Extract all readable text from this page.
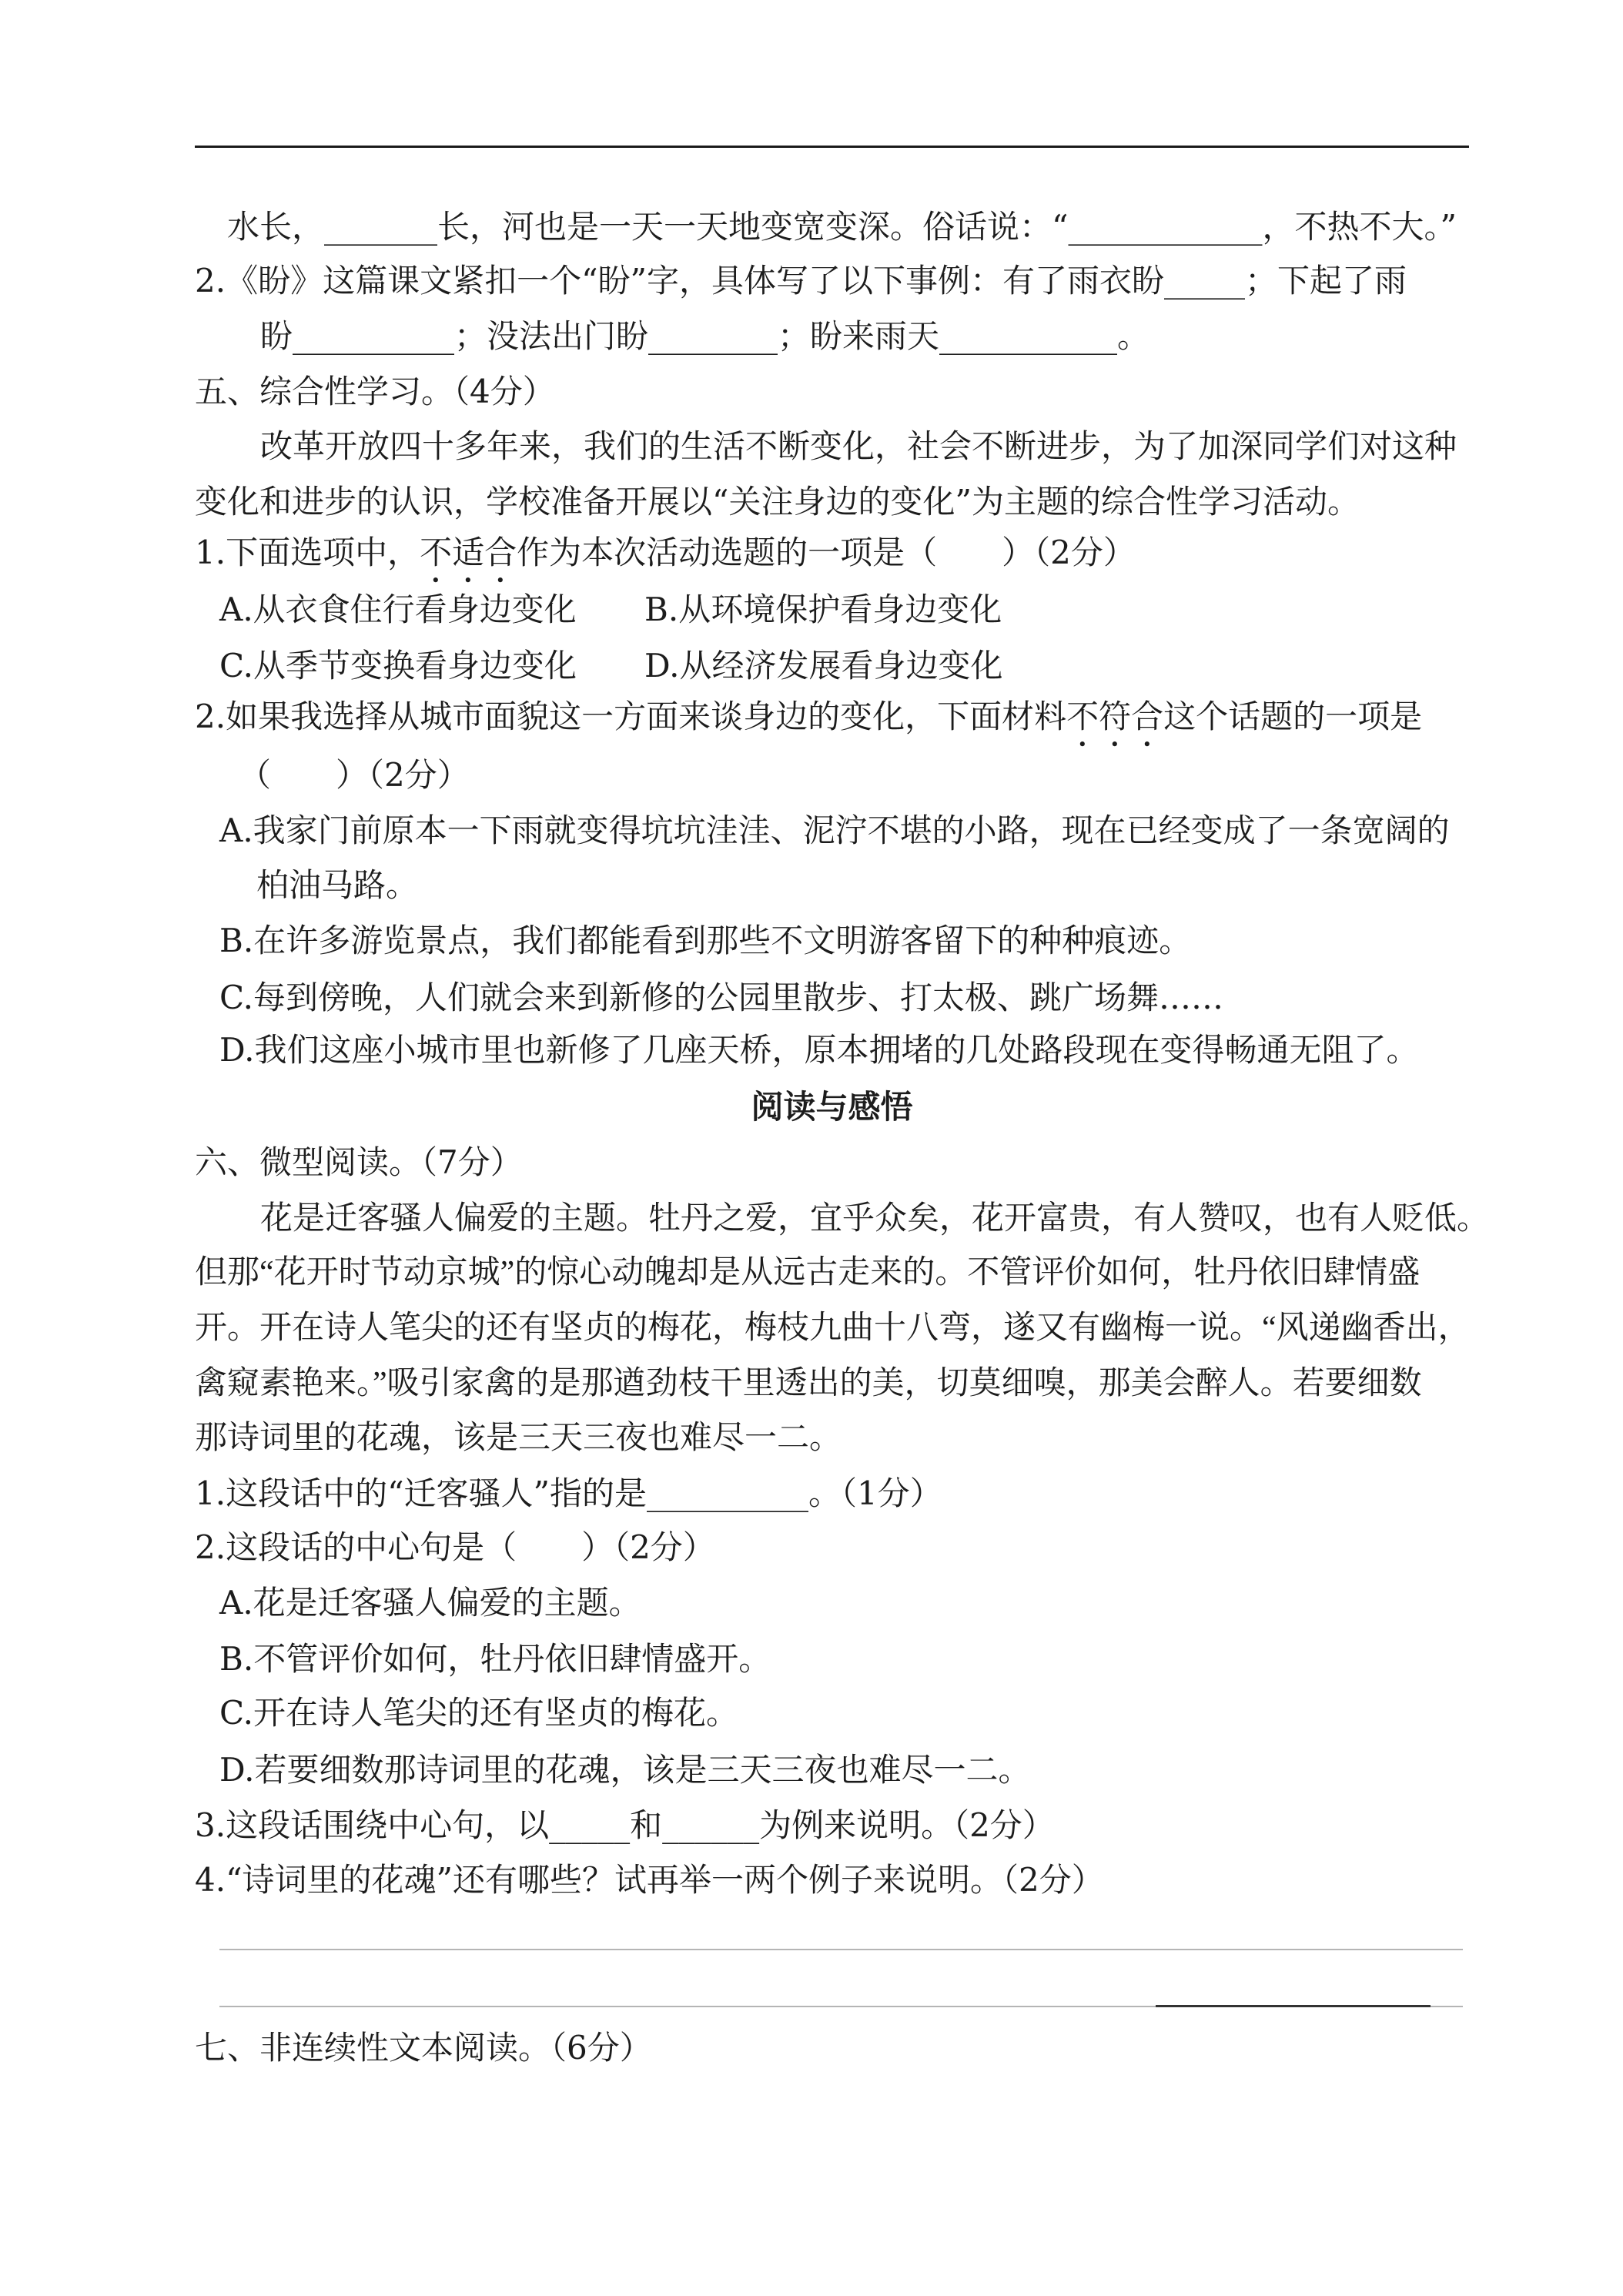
水长，_______长，河也是一天一天地变宽变深。俗话说：“____________，不热不大。”
2.《盼》这篇课文紧扣一个“盼”字，具体写了以下事例：有了雨衣盼_____；下起了雨
盼__________；没法出门盼________；盼来雨天___________。
五、综合性学习。（4分）
改革开放四十多年来，我们的生活不断变化，社会不断进步，为了加深同学们对这种
变化和进步的认识，学校准备开展以“关注身边的变化”为主题的综合性学习活动。
1.下面选项中，不适合作为本次活动选题的一项是（　　）（2分）
A.从衣食住行看身边变化 B.从环境保护看身边变化
C.从季节变换看身边变化 D.从经济发展看身边变化
2.如果我选择从城市面貌这一方面来谈身边的变化，下面材料不符合这个话题的一项是
（　　）（2分）
A.我家门前原本一下雨就变得坑坑洼洼、泥泞不堪的小路，现在已经变成了一条宽阔的
柏油马路。
B.在许多游览景点，我们都能看到那些不文明游客留下的种种痕迹。
C.每到傍晚，人们就会来到新修的公园里散步、打太极、跳广场舞……
D.我们这座小城市里也新修了几座天桥，原本拥堵的几处路段现在变得畅通无阻了。
阅读与感悟
六、微型阅读。（7分）
花是迁客骚人偏爱的主题。牡丹之爱，宜乎众矣，花开富贵，有人赞叹，也有人贬低。
但那“花开时节动京城”的惊心动魄却是从远古走来的。不管评价如何，牡丹依旧肆情盛
开。开在诗人笔尖的还有坚贞的梅花，梅枝九曲十八弯，遂又有幽梅一说。“风递幽香出，
禽窥素艳来。”吸引家禽的是那遒劲枝干里透出的美，切莫细嗅，那美会醉人。若要细数
那诗词里的花魂，该是三天三夜也难尽一二。
1.这段话中的“迁客骚人”指的是__________。（1分）
2.这段话的中心句是（　　）（2分）
A.花是迁客骚人偏爱的主题。
B.不管评价如何，牡丹依旧肆情盛开。
C.开在诗人笔尖的还有坚贞的梅花。
D.若要细数那诗词里的花魂，该是三天三夜也难尽一二。
3.这段话围绕中心句，以_____和______为例来说明。（2分）
4.“诗词里的花魂”还有哪些？试再举一两个例子来说明。（2分）
七、非连续性文本阅读。（6分）
